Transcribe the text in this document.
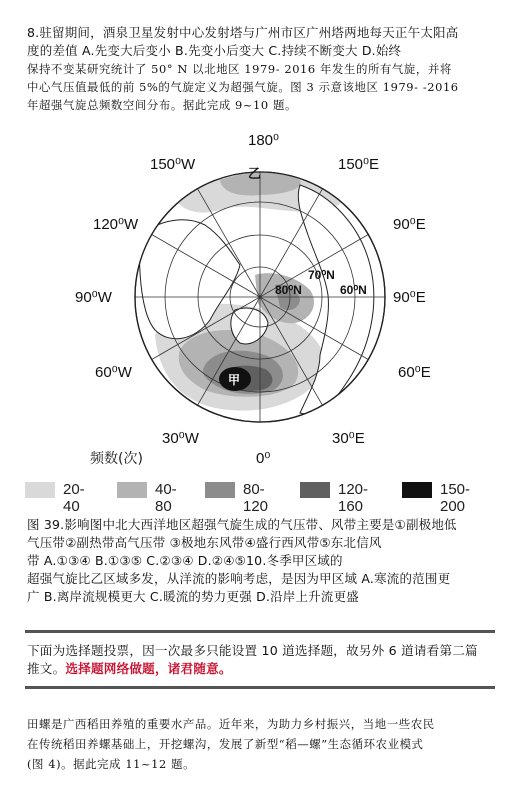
8.驻留期间，酒泉卫星发射中心发射塔与广州市区广州塔两地每天正午太阳高
度的差值 A.先变大后变小 B.先变小后变大 C.持续不断变大 D.始终
保持不变某研究统计了 50° N 以北地区 1979- 2016 年发生的所有气旋，并将
中心气压值最低的前 5%的气旋定义为超强气旋。图 3 示意该地区 1979- -2016
年超强气旋总频数空间分布。据此完成 9~10 题。
甲
乙
180⁰
150⁰W	150⁰E
120⁰W	90⁰E
90⁰W	90⁰E
60⁰W	60⁰E
30⁰W	30⁰E
0⁰
70⁰N
80⁰N	60⁰N
频数(次)
20-40
40-80
80-120
120-160
150-200
图 39.影响图中北大西洋地区超强气旋生成的气压带、风带主要是①副极地低
气压带②副热带高气压带 ③极地东风带④盛行西风带⑤东北信风
带 A.①③④ B.①③⑤ C.②③④ D.②④⑤10.冬季甲区域的
超强气旋比乙区域多发，从洋流的影响考虑，是因为甲区域 A.寒流的范围更
广 B.离岸流规模更大 C.暖流的势力更强 D.沿岸上升流更盛
下面为选择题投票，因一次最多只能设置 10 道选择题，故另外 6 道请看第二篇
推文。选择题网络做题，诸君随意。
田螺是广西稻田养殖的重要水产品。近年来，为助力乡村振兴，当地一些农民
在传统稻田养螺基础上，开挖螺沟，发展了新型“稻—螺”生态循环农业模式
(图 4)。据此完成 11~12 题。
